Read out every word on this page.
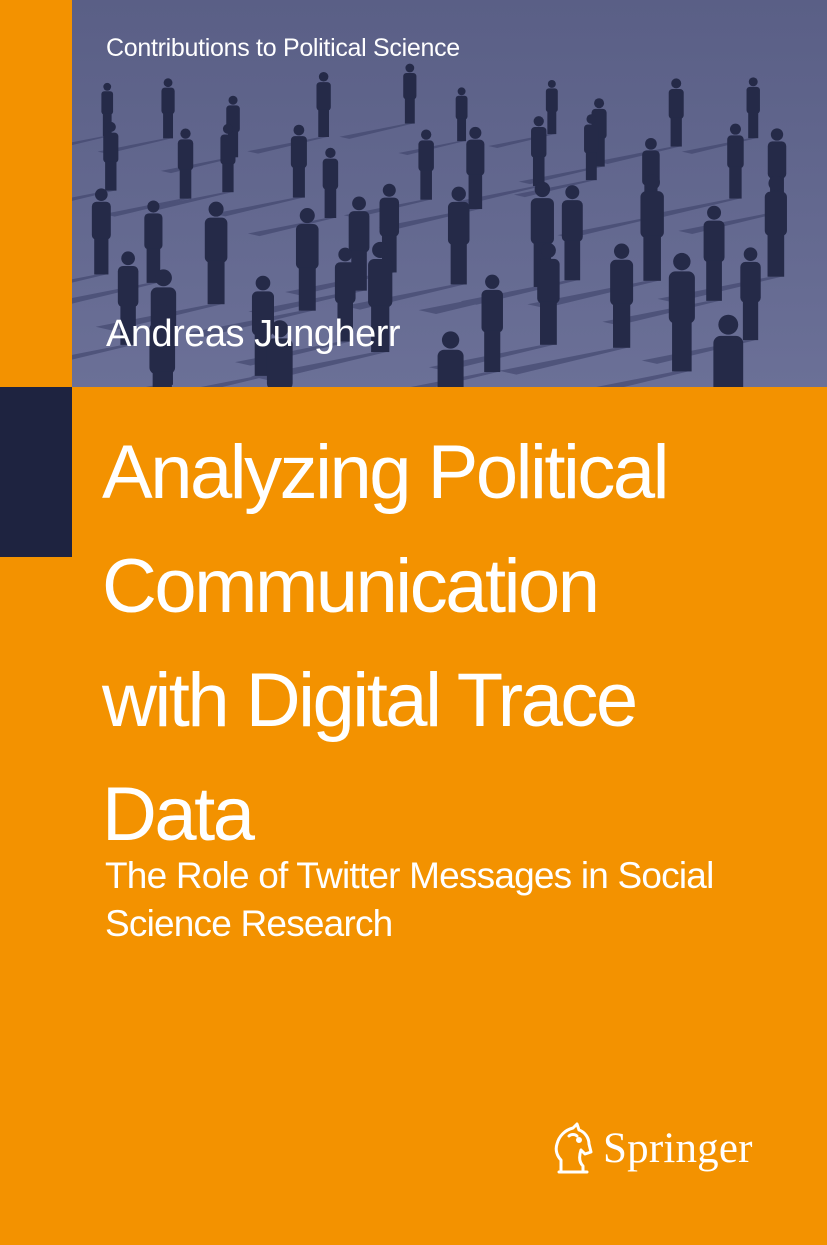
Contributions to Political Science
Andreas Jungherr
Analyzing Political
Communication
with Digital Trace
Data
The Role of Twitter Messages in Social
Science Research
Springer
